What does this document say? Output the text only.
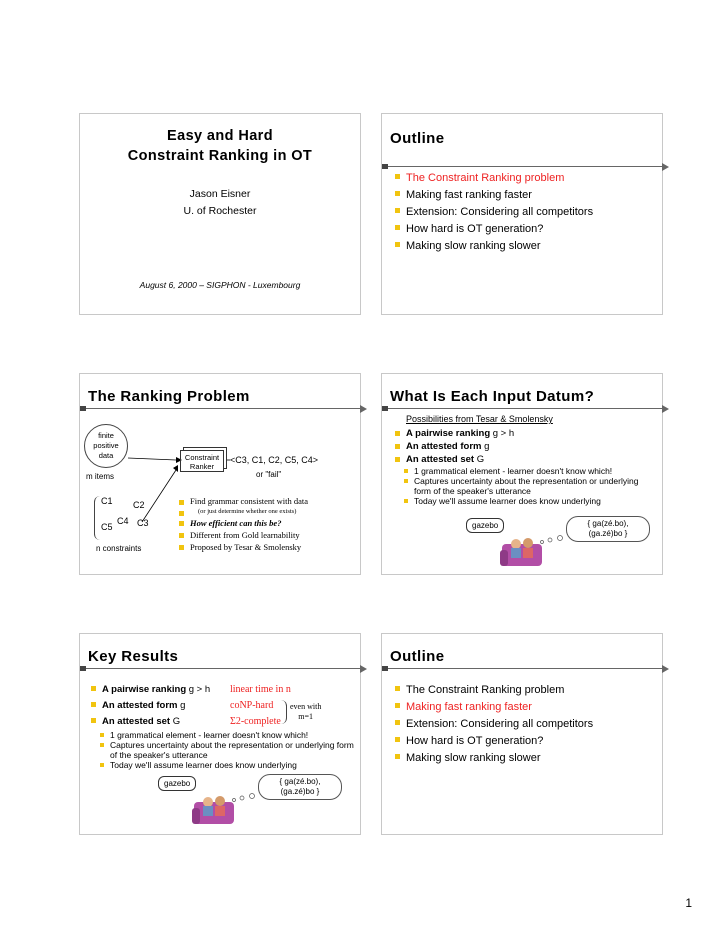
Easy and Hard
Constraint Ranking in OT
Jason Eisner
U. of Rochester
August 6, 2000 – SIGPHON - Luxembourg
Outline
The Constraint Ranking problem
Making fast ranking faster
Extension: Considering all competitors
How hard is OT generation?
Making slow ranking slower
The Ranking Problem
finite
positive
data
m items
Constraint
Ranker
<C3, C1, C2, C5, C4>
or "fail"
C1 C2
C4 C3
C5
n constraints
Find grammar consistent with data
(or just determine whether one exists)
How efficient can this be?
Different from Gold learnability
Proposed by Tesar & Smolensky
What Is Each Input Datum?
Possibilities from Tesar & Smolensky
A pairwise ranking g > h
An attested form g
An attested set G
1 grammatical element - learner doesn't know which!
Captures uncertainty about the representation or underlying form of the speaker's utterance
Today we'll assume learner does know underlying
gazebo	{ ga(zé.bo), (ga.zé)bo }
Key Results
A pairwise ranking g > h linear time in n
An attested form g	coNP-hard
An attested set G	Σ2-complete
1 grammatical element - learner doesn't know which!
Captures uncertainty about the representation or underlying form of the speaker's utterance
Today we'll assume learner does know underlying
even with
m=1
gazebo	{ ga(zé.bo), (ga.zé)bo }
Outline
The Constraint Ranking problem
Making fast ranking faster
Extension: Considering all competitors
How hard is OT generation?
Making slow ranking slower
1
